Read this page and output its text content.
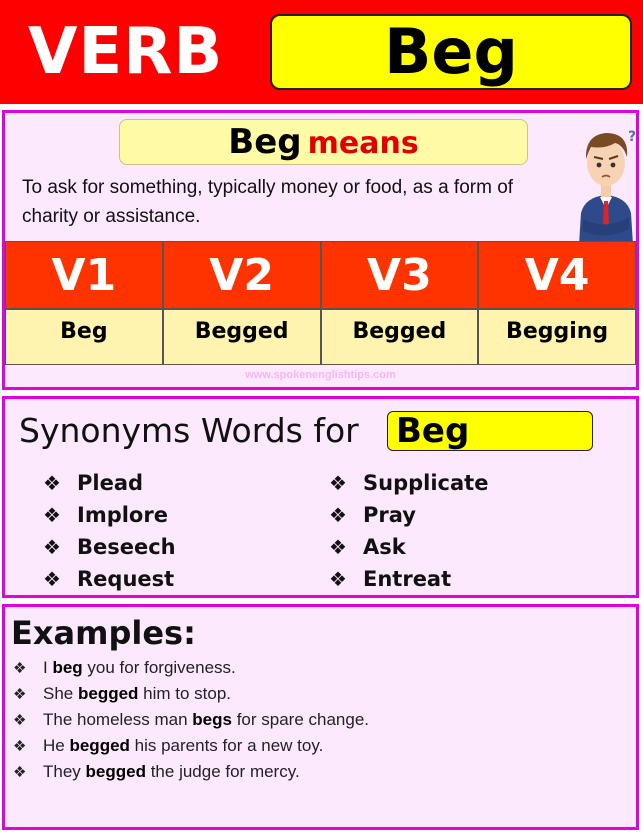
VERB	Beg
Beg means
To ask for something, typically money or food, as a form of charity or assistance.
?
V1	V2	V3	V4
Beg	Begged	Begged	Begging
www.spokenenglishtips.com
Synonyms Words for Beg
❖ Plead
❖ Implore
❖ Beseech
❖ Request
❖ Supplicate
❖ Pray
❖ Ask
❖ Entreat
Examples:
❖ I beg you for forgiveness.
❖ She begged him to stop.
❖ The homeless man begs for spare change.
❖ He begged his parents for a new toy.
❖ They begged the judge for mercy.
